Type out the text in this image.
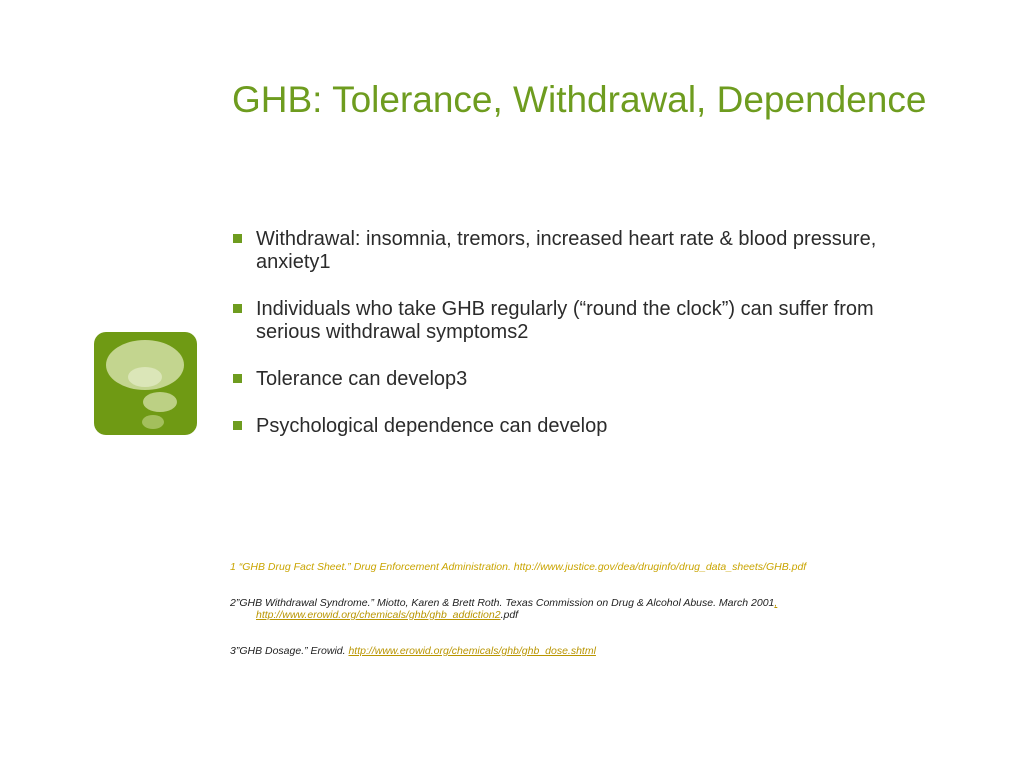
GHB: Tolerance, Withdrawal, Dependence
Withdrawal: insomnia, tremors, increased heart rate & blood pressure, anxiety1
Individuals who take GHB regularly (“round the clock”) can suffer from serious withdrawal symptoms2
Tolerance can develop3
Psychological dependence can develop

1 “GHB Drug Fact Sheet.” Drug Enforcement Administration. http://www.justice.gov/dea/druginfo/drug_data_sheets/GHB.pdf

2”GHB Withdrawal Syndrome.” Miotto, Karen & Brett Roth. Texas Commission on Drug & Alcohol Abuse. March 2001,
http://www.erowid.org/chemicals/ghb/ghb_addiction2.pdf

3”GHB Dosage.” Erowid. http://www.erowid.org/chemicals/ghb/ghb_dose.shtml
